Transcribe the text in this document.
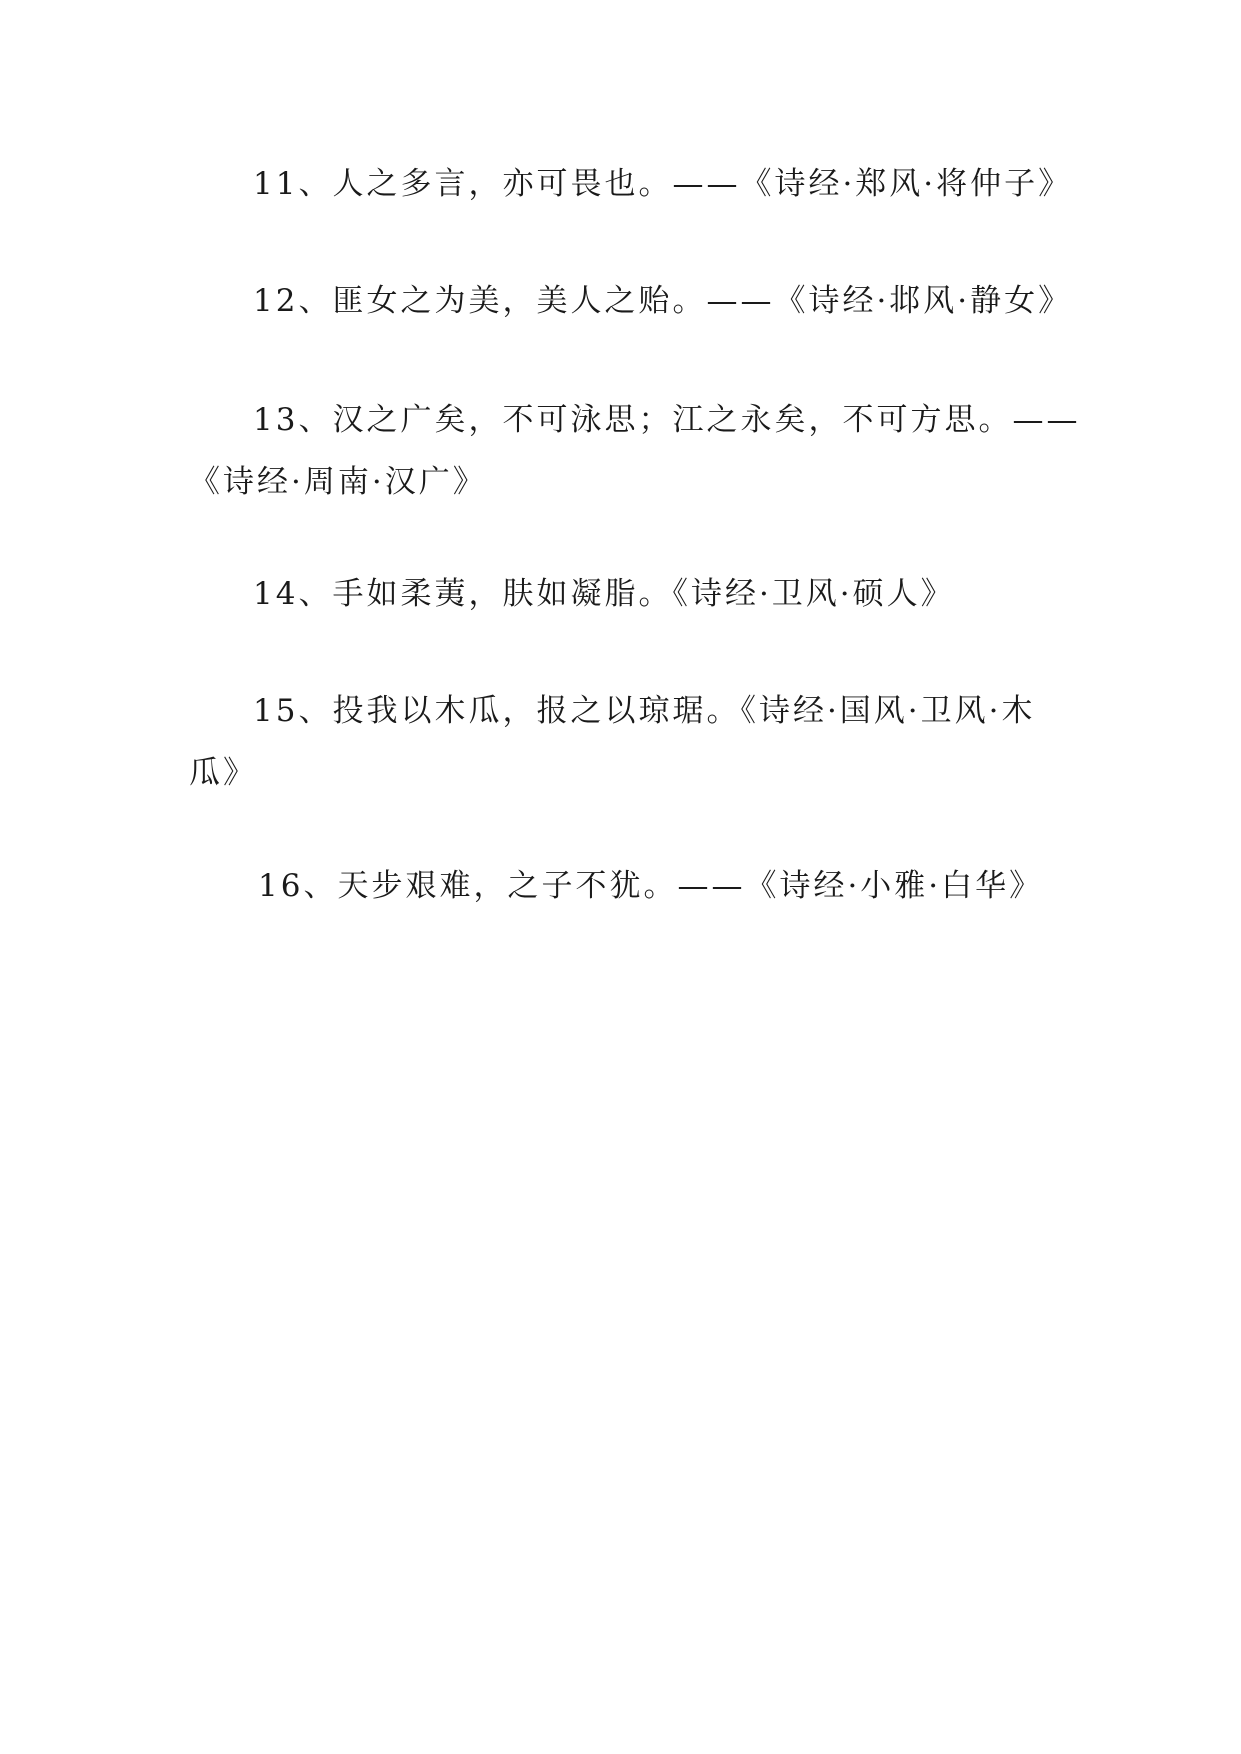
11、人之多言，亦可畏也。——《诗经·郑风·将仲子》

12、匪女之为美，美人之贻。——《诗经·邶风·静女》

13、汉之广矣，不可泳思；江之永矣，不可方思。——
《诗经·周南·汉广》

14、手如柔荑，肤如凝脂。《诗经·卫风·硕人》

15、投我以木瓜，报之以琼琚。《诗经·国风·卫风·木
瓜》

16、天步艰难，之子不犹。——《诗经·小雅·白华》
